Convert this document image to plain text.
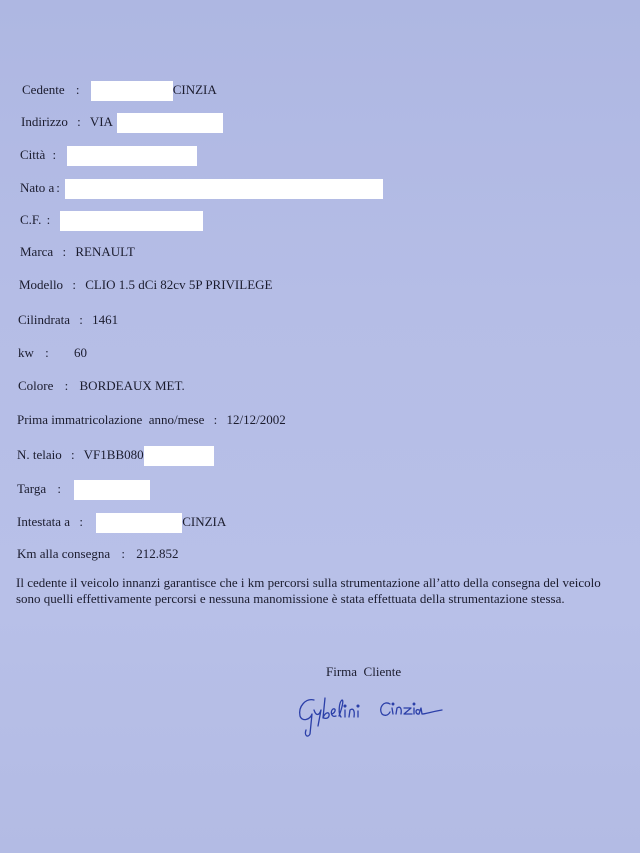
Cedente :	CINZIA
Indirizzo : VIA
Città :
Nato a :
C.F. :
Marca : RENAULT
Modello : CLIO 1.5 dCi 82cv 5P PRIVILEGE
Cilindrata : 1461
kw : 60
Colore : BORDEAUX MET.
Prima immatricolazione  anno/mese : 12/12/2002
N. telaio : VF1BB080
Targa :
Intestata a :	CINZIA
Km alla consegna : 212.852
Il cedente il veicolo innanzi garantisce che i km percorsi sulla strumentazione all’atto della consegna del veicolo sono quelli effettivamente percorsi e nessuna manomissione è stata effettuata della strumentazione stessa.
Firma  Cliente
